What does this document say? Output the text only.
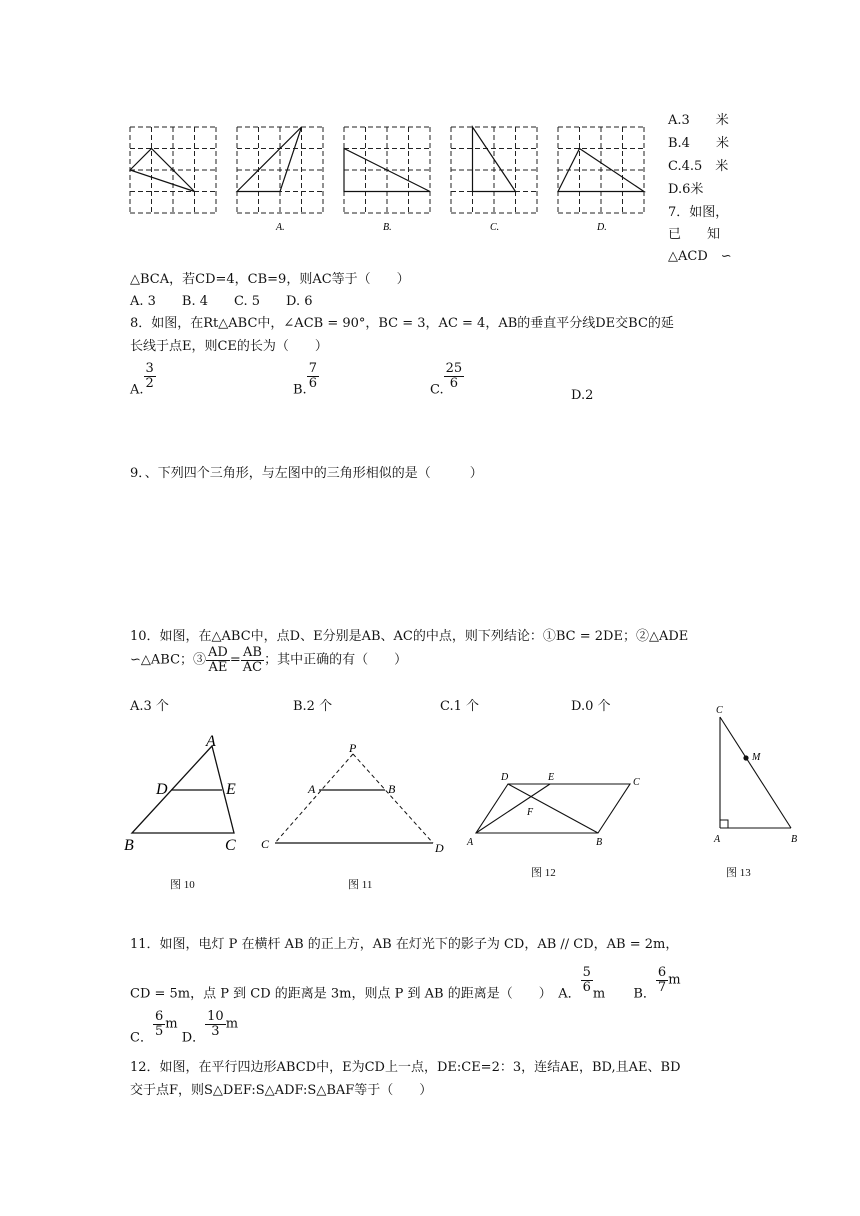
A.	B.	C.	D.
A.3　　米
B.4　　米
C.4.5　米
D.6米
7．如图，
已　　知
△ACD　∽
△BCA，若CD=4，CB=9，则AC等于（　　）
A. 3　　B. 4　　C. 5　　D. 6
8．如图，在Rt△ABC中，∠ACB = 90°，BC = 3，AC = 4，AB的垂直平分线DE交BC的延
长线于点E，则CE的长为（　　）
A. $\frac{3}{2}$	B. $\frac{7}{6}$	C. $\frac{25}{6}$
D.2
9．、下列四个三角形，与左图中的三角形相似的是（　　　）
10．如图，在△ABC中，点D、E分别是AB、AC的中点，则下列结论：①BC = 2DE；②△ADE
∽△ABC；③ $\frac{AD}{AE} = \frac{AB}{AC}$ ；其中正确的有（　　）
A.3 个	B.2 个	C.1 个	D.0 个
A
D	E
B	C
图 10
P
A	B
C	D
图 11
D	E	C
F
A	B
图 12
C
M
A	B
图 13
11．如图，电灯 P 在横杆 AB 的正上方，AB 在灯光下的影子为 CD，AB // CD，AB = 2m，
CD = 5m，点 P 到 CD 的距离是 3m，则点 P 到 AB 的距离是（　　）　A． $\frac{5}{6}$ m B． $\frac{6}{7}$ m
C． $\frac{6}{5}$ m D． $\frac{10}{3}$ m
12．如图，在平行四边形ABCD中，E为CD上一点，DE:CE=2：3，连结AE，BD,且AE、BD
交于点F，则S△DEF:S△ADF:S△BAF等于（　　）
